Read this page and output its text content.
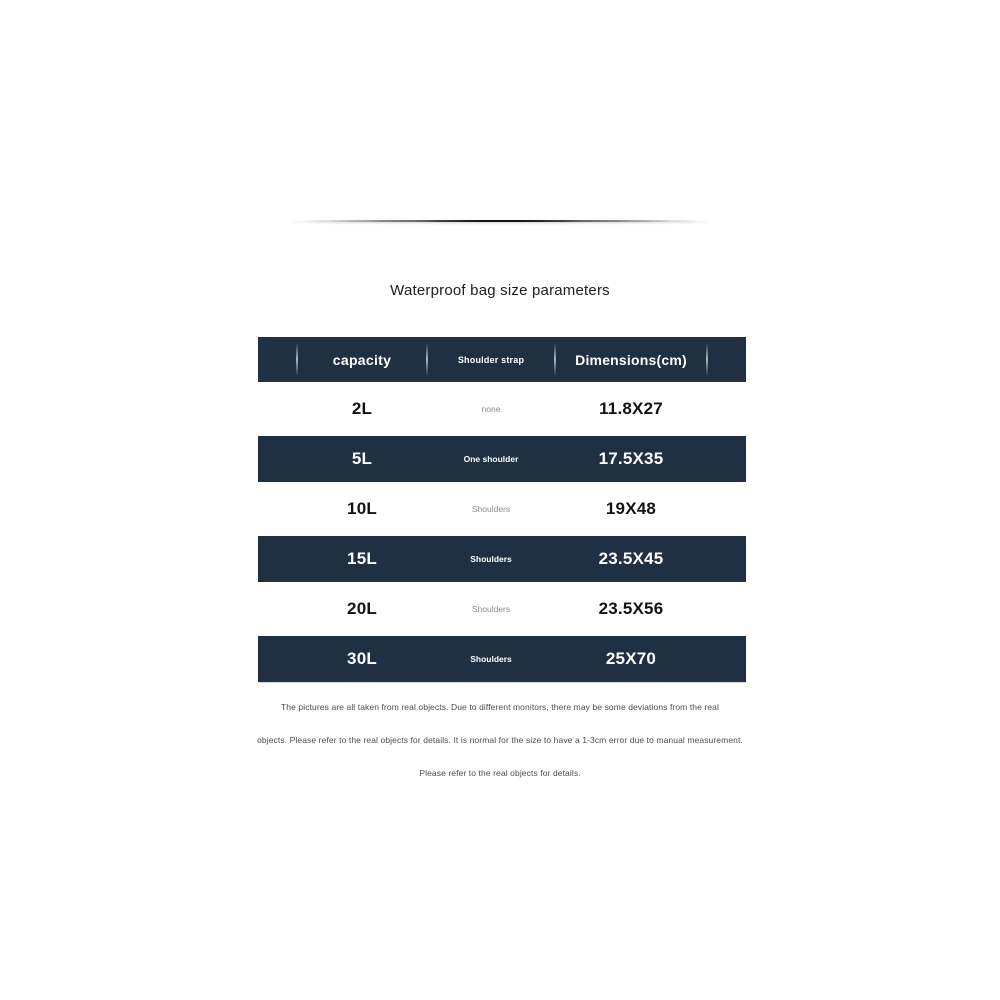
Waterproof bag size parameters
capacity	Shoulder strap	Dimensions(cm)
2L	none	11.8X27
5L	One shoulder	17.5X35
10L	Shoulders	19X48
15L	Shoulders	23.5X45
20L	Shoulders	23.5X56
30L	Shoulders	25X70
The pictures are all taken from real objects. Due to different monitors, there may be some deviations from the real
objects. Please refer to the real objects for details. It is normal for the size to have a 1-3cm error due to manual measurement.
Please refer to the real objects for details.
